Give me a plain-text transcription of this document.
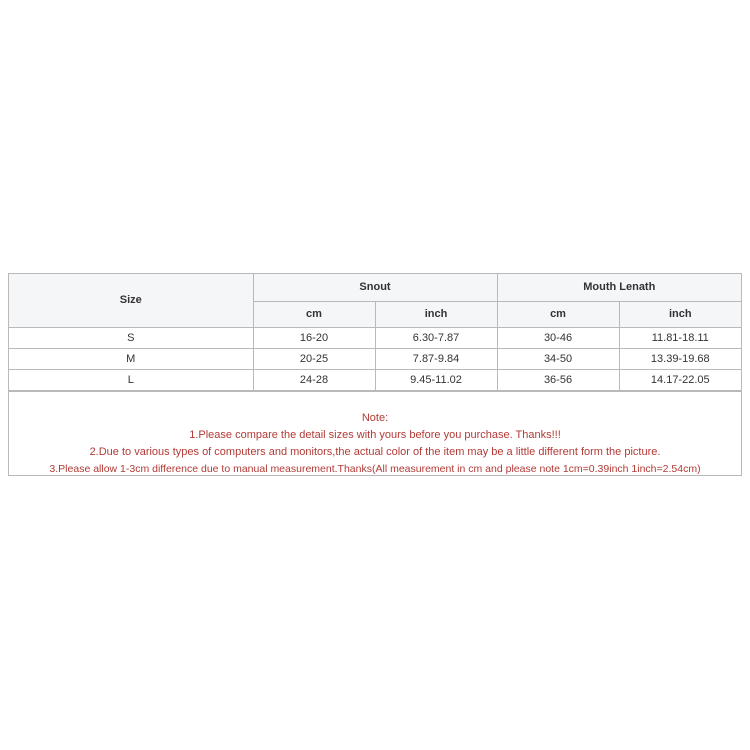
Size	Snout		Mouth Lenath	
	cm	inch	cm	inch
S	16-20	6.30-7.87	30-46	11.81-18.11
M	20-25	7.87-9.84	34-50	13.39-19.68
L	24-28	9.45-11.02	36-56	14.17-22.05
Note:
1.Please compare the detail sizes with yours before you purchase. Thanks!!!
2.Due to various types of computers and monitors,the actual color of the item may be a little different form the picture.
3.Please allow 1-3cm difference due to manual measurement.Thanks(All measurement in cm and please note 1cm=0.39inch 1inch=2.54cm)
